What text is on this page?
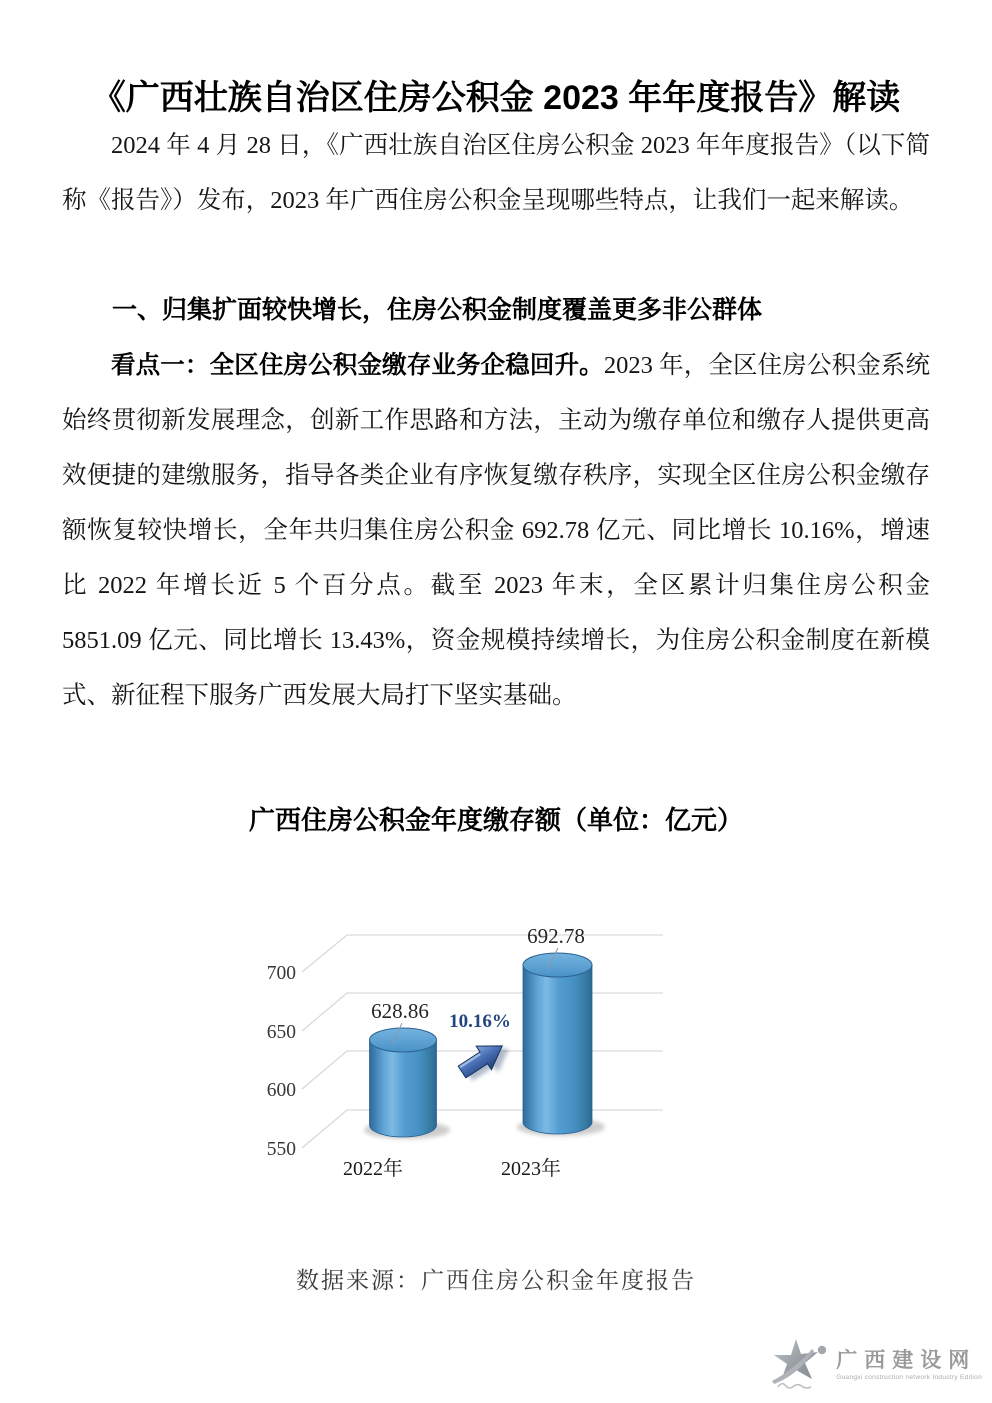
《广西壮族自治区住房公积金 2023 年年度报告》解读

2024 年 4 月 28 日，《广西壮族自治区住房公积金 2023 年年度报告》（以下简称《报告》）发布，2023 年广西住房公积金呈现哪些特点，让我们一起来解读。

一、归集扩面较快增长，住房公积金制度覆盖更多非公群体

看点一：全区住房公积金缴存业务企稳回升。2023 年，全区住房公积金系统始终贯彻新发展理念，创新工作思路和方法，主动为缴存单位和缴存人提供更高效便捷的建缴服务，指导各类企业有序恢复缴存秩序，实现全区住房公积金缴存额恢复较快增长，全年共归集住房公积金 692.78 亿元、同比增长 10.16%，增速比 2022 年增长近 5 个百分点。截至 2023 年末，全区累计归集住房公积金 5851.09 亿元、同比增长 13.43%，资金规模持续增长，为住房公积金制度在新模式、新征程下服务广西发展大局打下坚实基础。

广西住房公积金年度缴存额（单位：亿元）

700
650
600
550
628.86
692.78
10.16%
2022年	2023年

数据来源：广西住房公积金年度报告

广西建设网
Guangxi construction network Industry Edition
